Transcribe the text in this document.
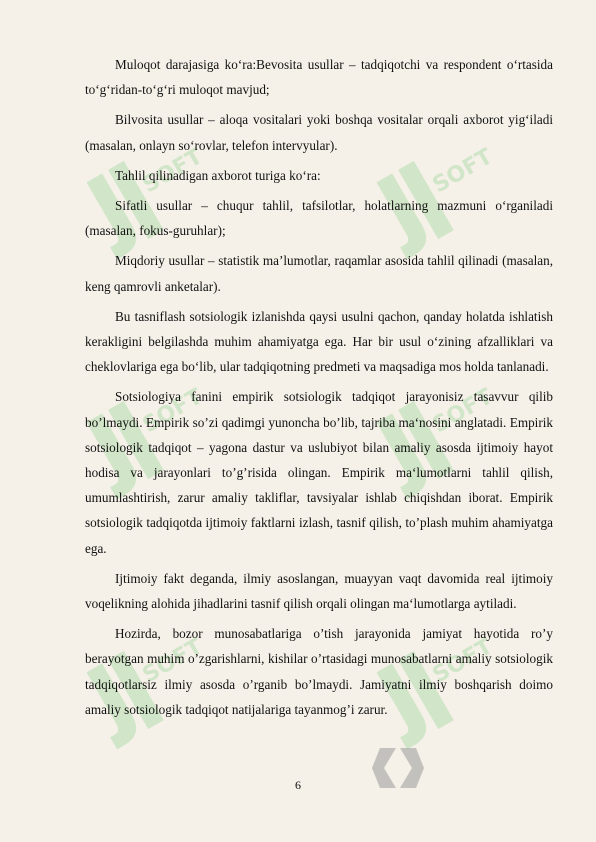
SOFT	SOFT
SOFT	SOFT
SOFT	SOFT

Muloqot darajasiga ko‘ra:Bevosita usullar – tadqiqotchi va respondent o‘rtasida to‘g‘ridan-to‘g‘ri muloqot mavjud;

Bilvosita usullar – aloqa vositalari yoki boshqa vositalar orqali axborot yig‘iladi (masalan, onlayn so‘rovlar, telefon intervyular).

Tahlil qilinadigan axborot turiga ko‘ra:

Sifatli usullar – chuqur tahlil, tafsilotlar, holatlarning mazmuni o‘rganiladi (masalan, fokus-guruhlar);

Miqdoriy usullar – statistik ma’lumotlar, raqamlar asosida tahlil qilinadi (masalan, keng qamrovli anketalar).

Bu tasniflash sotsiologik izlanishda qaysi usulni qachon, qanday holatda ishlatish kerakligini belgilashda muhim ahamiyatga ega. Har bir usul o‘zining afzalliklari va cheklovlariga ega bo‘lib, ular tadqiqotning predmeti va maqsadiga mos holda tanlanadi.

Sotsiologiya fanini empirik sotsiologik tadqiqot jarayonisiz tasavvur qilib bo’lmaydi. Empirik so’zi qadimgi yunoncha bo’lib, tajriba ma‘nosini anglatadi. Empirik sotsiologik tadqiqot – yagona dastur va uslubiyot bilan amaliy asosda ijtimoiy hayot hodisa va jarayonlari to’g’risida olingan. Empirik ma‘lumotlarni tahlil qilish, umumlashtirish, zarur amaliy takliflar, tavsiyalar ishlab chiqishdan iborat. Empirik sotsiologik tadqiqotda ijtimoiy faktlarni izlash, tasnif qilish, to’plash muhim ahamiyatga ega.

Ijtimoiy fakt deganda, ilmiy asoslangan, muayyan vaqt davomida real ijtimoiy voqelikning alohida jihadlarini tasnif qilish orqali olingan ma‘lumotlarga aytiladi.

Hozirda, bozor munosabatlariga o’tish jarayonida jamiyat hayotida ro’y berayotgan muhim o’zgarishlarni, kishilar o’rtasidagi munosabatlarni amaliy sotsiologik tadqiqotlarsiz ilmiy asosda o’rganib bo’lmaydi. Jamiyatni ilmiy boshqarish doimo amaliy sotsiologik tadqiqot natijalariga tayanmog’i zarur.

6
